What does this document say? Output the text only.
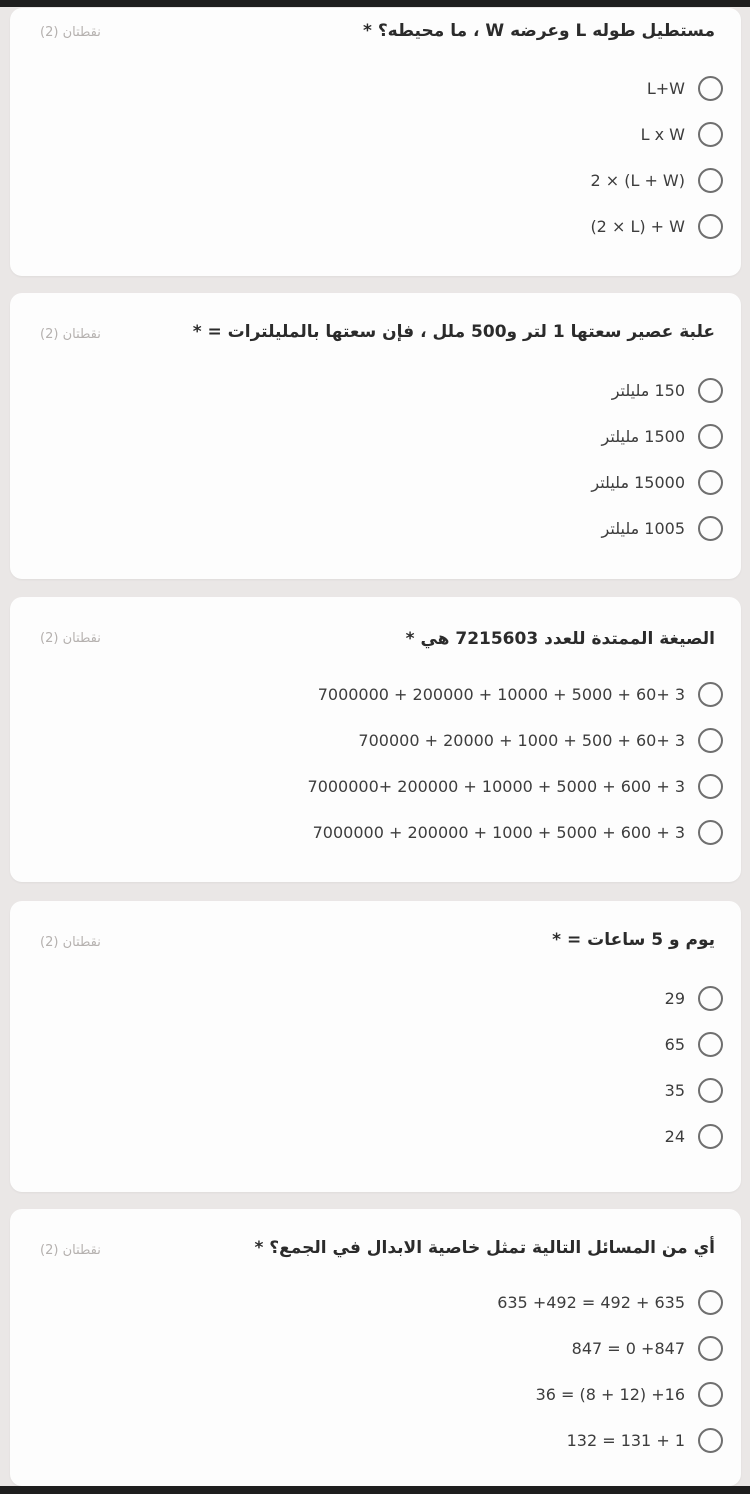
نقطتان (2)	مستطيل طوله L وعرضه W ، ما محيطه؟ *
L+W
L x W
2 × (L + W)
(2 × L) + W
نقطتان (2)	علبة عصير سعتها 1 لتر و500 ملل ، فإن سعتها بالمليلترات = *
150 مليلتر
1500 مليلتر
15000 مليلتر
1005 مليلتر
نقطتان (2)	الصيغة الممتدة للعدد 7215603 هي *
7000000 + 200000 + 10000 + 5000 + 60+ 3
700000 + 20000 + 1000 + 500 + 60+ 3
7000000+ 200000 + 10000 + 5000 + 600 + 3
7000000 + 200000 + 1000 + 5000 + 600 + 3
نقطتان (2)	يوم و 5 ساعات = *
29
65
35
24
نقطتان (2)	أي من المسائل التالية تمثل خاصية الابدال في الجمع؟ *
635 +492 = 492 + 635
847 = 0 +847
36 = (8 + 12) +16
132 = 131 + 1
